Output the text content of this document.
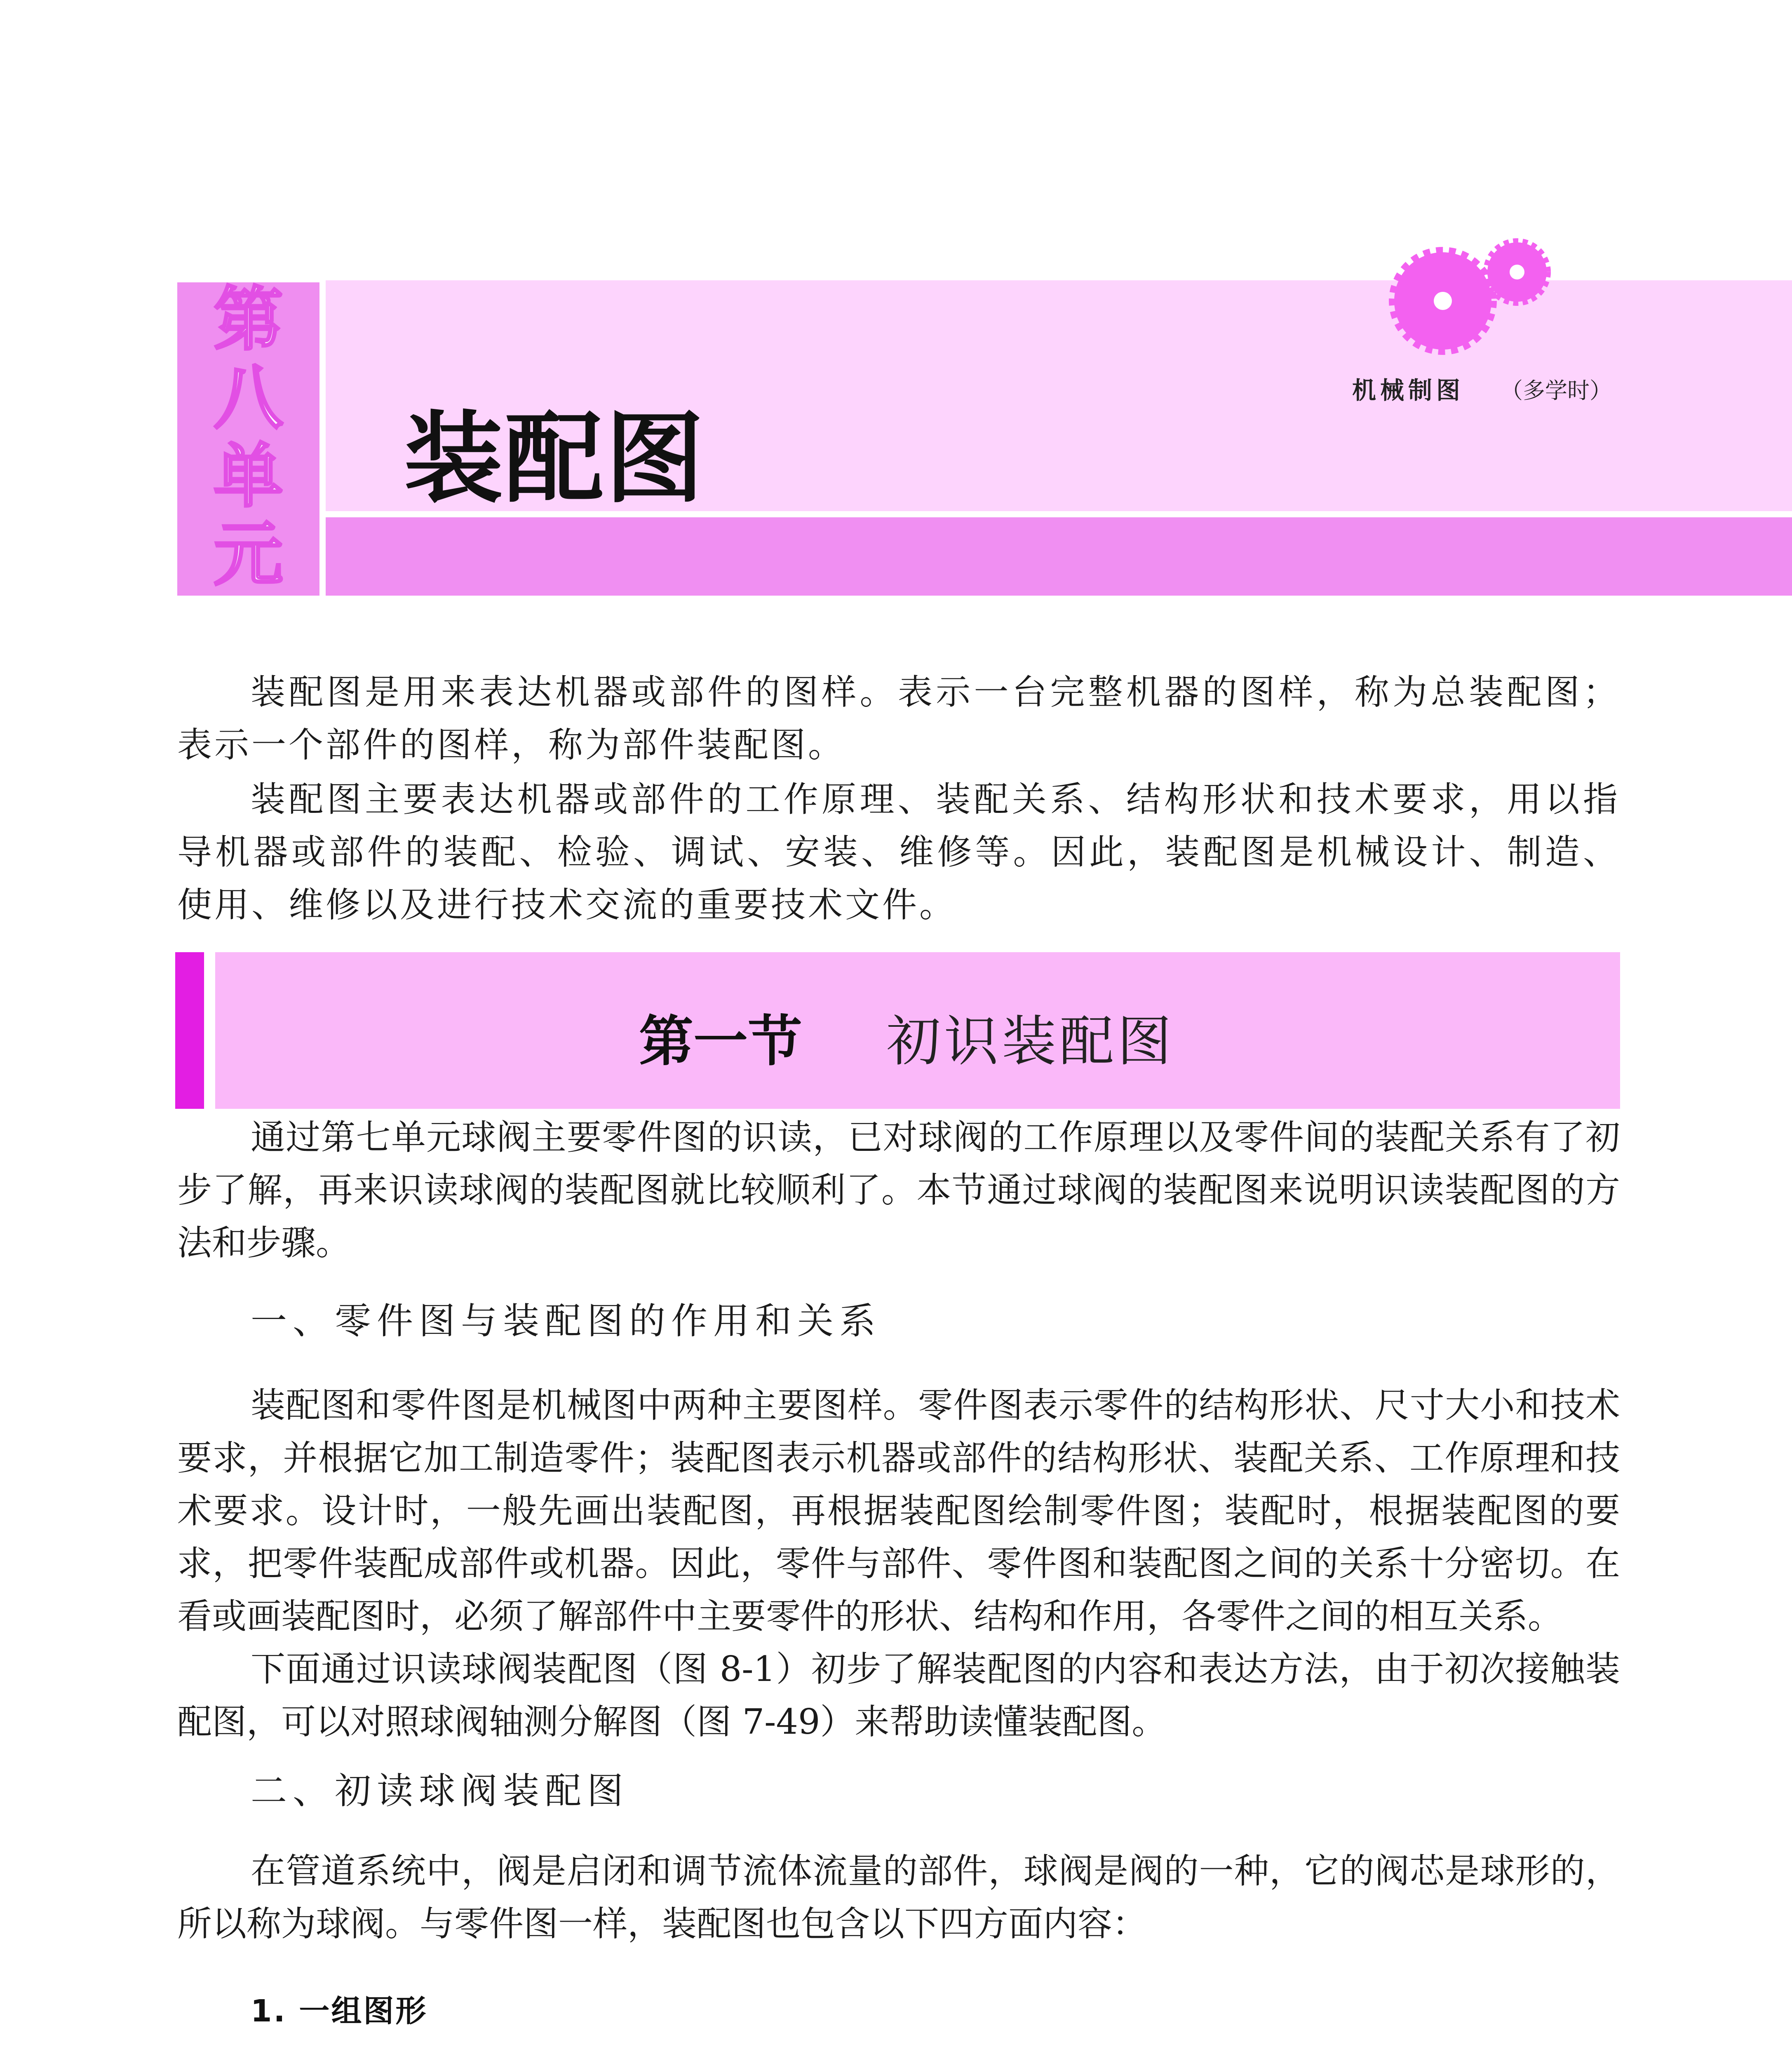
第
八
单
元
装配图
机械制图 （多学时）

装配图是用来表达机器或部件的图样。表示一台完整机器的图样，称为总装配图；表示一个部件的图样，称为部件装配图。

装配图主要表达机器或部件的工作原理、装配关系、结构形状和技术要求，用以指导机器或部件的装配、检验、调试、安装、维修等。因此，装配图是机械设计、制造、使用、维修以及进行技术交流的重要技术文件。

第一节 初识装配图

通过第七单元球阀主要零件图的识读，已对球阀的工作原理以及零件间的装配关系有了初步了解，再来识读球阀的装配图就比较顺利了。本节通过球阀的装配图来说明识读装配图的方法和步骤。

一、零件图与装配图的作用和关系

装配图和零件图是机械图中两种主要图样。零件图表示零件的结构形状、尺寸大小和技术要求，并根据它加工制造零件；装配图表示机器或部件的结构形状、装配关系、工作原理和技术要求。设计时，一般先画出装配图，再根据装配图绘制零件图；装配时，根据装配图的要求，把零件装配成部件或机器。因此，零件与部件、零件图和装配图之间的关系十分密切。在看或画装配图时，必须了解部件中主要零件的形状、结构和作用，各零件之间的相互关系。

下面通过识读球阀装配图（图 8-1）初步了解装配图的内容和表达方法，由于初次接触装配图，可以对照球阀轴测分解图（图 7-49）来帮助读懂装配图。

二、初读球阀装配图

在管道系统中，阀是启闭和调节流体流量的部件，球阀是阀的一种，它的阀芯是球形的，所以称为球阀。与零件图一样，装配图也包含以下四方面内容：

1. 一组图形
